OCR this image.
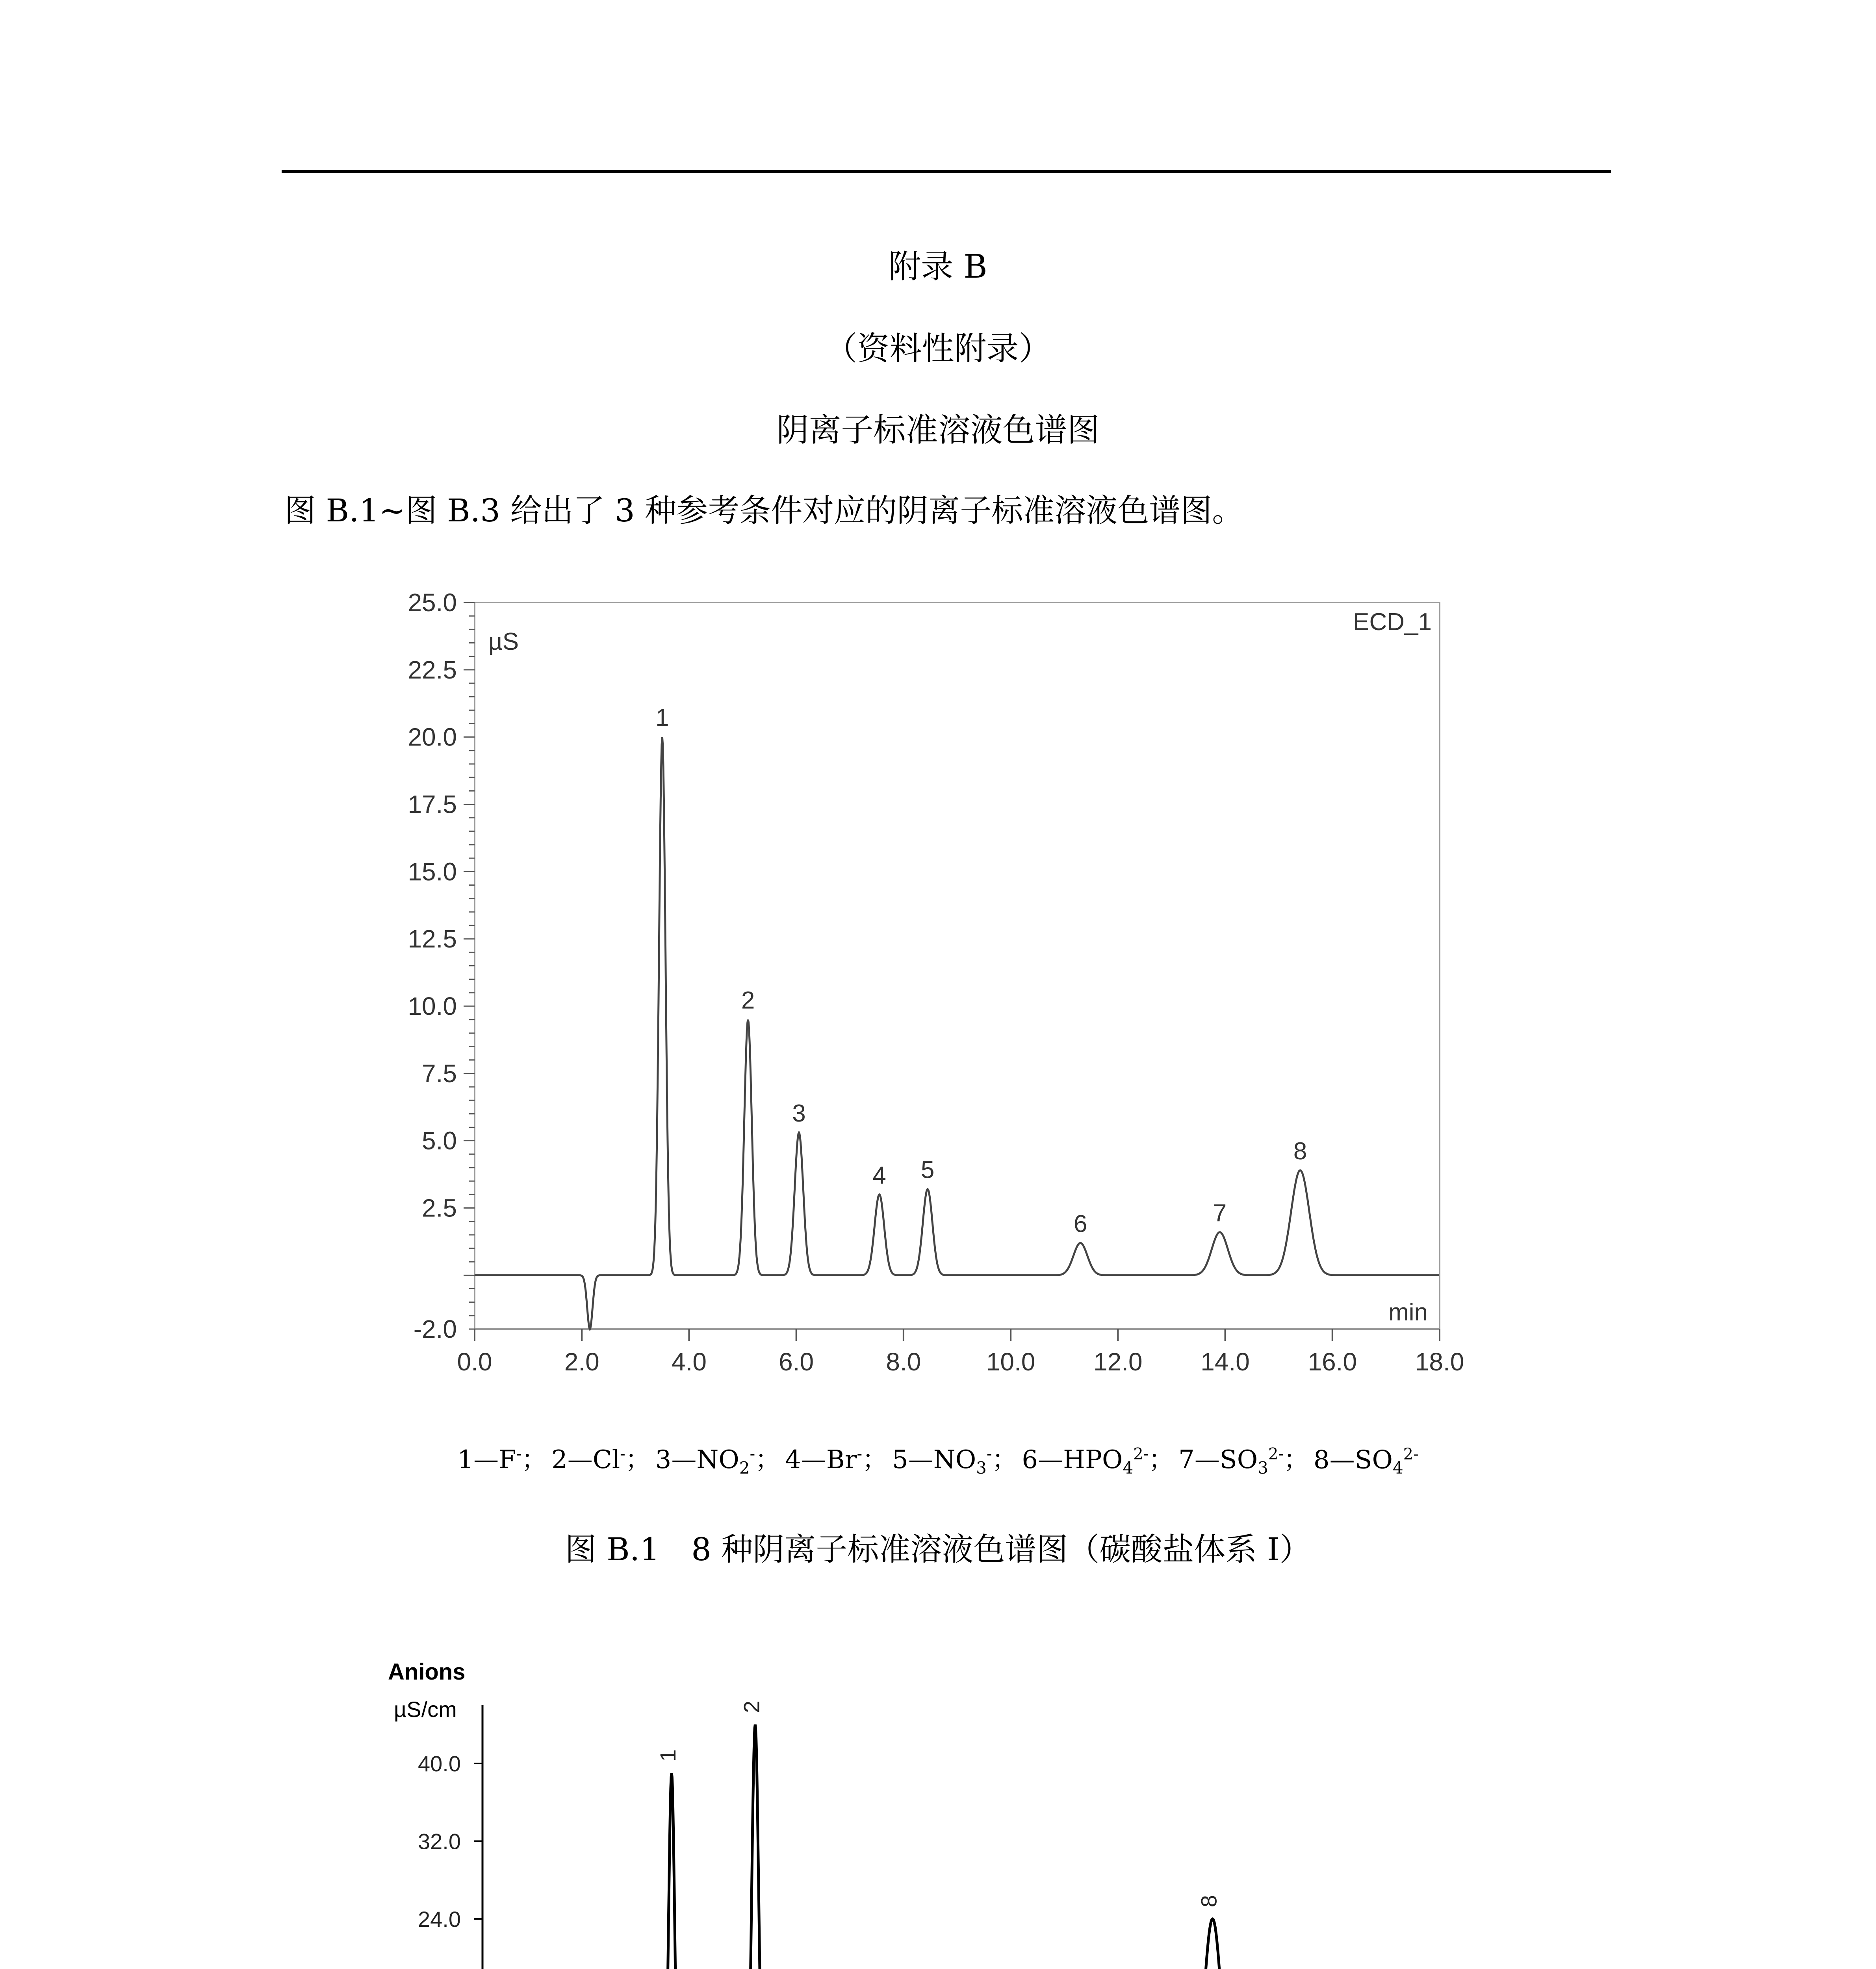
附录 B
（资料性附录）
阴离子标准溶液色谱图
图 B.1~图 B.3 给出了 3 种参考条件对应的阴离子标准溶液色谱图。
0.0	2.0	4.0	6.0	8.0	10.0 12.0 14.0 16.0 18.0
-2.0
2.5
5.0
7.5
10.0
12.5
15.0
17.5
20.0
22.5
25.0
µS
ECD_1
min
1
2
3
4 5
6	7
8
1—F-； 2—Cl-； $3—NO_2^-$； 4—Br-； $5—NO_3^-$； $6—HPO_4^{2-}$； $7—SO_3^{2-}$； $8—SO_4^{2-}$
图 B.1　8 种阴离子标准溶液色谱图（碳酸盐体系 I）
24.0
32.0
40.0
Anions
µS/cm
1
2
8
